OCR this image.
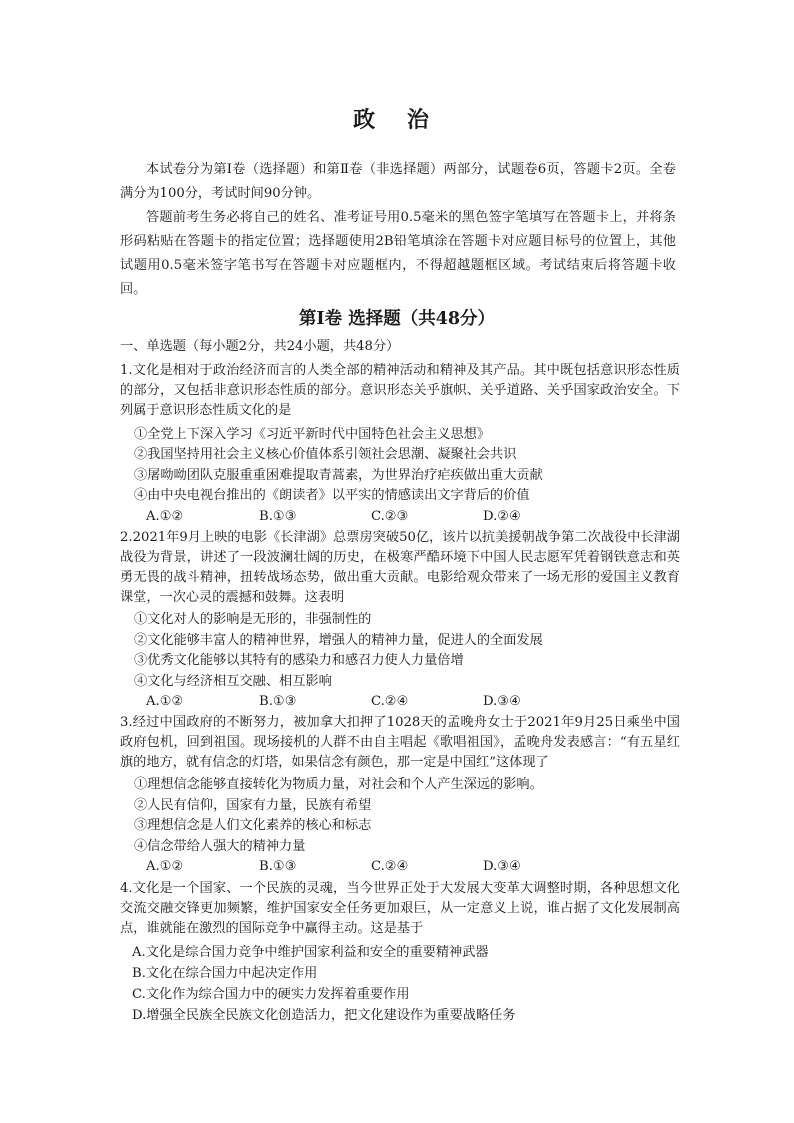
政 治
本试卷分为第Ⅰ卷（选择题）和第Ⅱ卷（非选择题）两部分，试题卷6页，答题卡2页。全卷满分为100分，考试时间90分钟。
答题前考生务必将自己的姓名、准考证号用0.5毫米的黑色签字笔填写在答题卡上，并将条形码粘贴在答题卡的指定位置；选择题使用2B铅笔填涂在答题卡对应题目标号的位置上，其他试题用0.5毫米签字笔书写在答题卡对应题框内，不得超越题框区域。考试结束后将答题卡收回。
第Ⅰ卷 选择题（共48分）
一、单选题（每小题2分，共24小题，共48分）
1.文化是相对于政治经济而言的人类全部的精神活动和精神及其产品。其中既包括意识形态性质的部分，又包括非意识形态性质的部分。意识形态关乎旗帜、关乎道路、关乎国家政治安全。下列属于意识形态性质文化的是
①全党上下深入学习《习近平新时代中国特色社会主义思想》
②我国坚持用社会主义核心价值体系引领社会思潮、凝聚社会共识
③屠呦呦团队克服重重困难提取青蒿素，为世界治疗疟疾做出重大贡献
④由中央电视台推出的《朗读者》以平实的情感读出文字背后的价值
A.①②	B.①③	C.②③	D.②④
2.2021年9月上映的电影《长津湖》总票房突破50亿，该片以抗美援朝战争第二次战役中长津湖战役为背景，讲述了一段波澜壮阔的历史，在极寒严酷环境下中国人民志愿军凭着钢铁意志和英勇无畏的战斗精神，扭转战场态势，做出重大贡献。电影给观众带来了一场无形的爱国主义教育课堂，一次心灵的震撼和鼓舞。这表明
①文化对人的影响是无形的，非强制性的
②文化能够丰富人的精神世界，增强人的精神力量，促进人的全面发展
③优秀文化能够以其特有的感染力和感召力使人力量倍增
④文化与经济相互交融、相互影响
A.①②	B.①③	C.②④	D.③④
3.经过中国政府的不断努力，被加拿大扣押了1028天的孟晚舟女士于2021年9月25日乘坐中国政府包机，回到祖国。现场接机的人群不由自主唱起《歌唱祖国》，孟晚舟发表感言：“有五星红旗的地方，就有信念的灯塔，如果信念有颜色，那一定是中国红”这体现了
①理想信念能够直接转化为物质力量，对社会和个人产生深远的影响。
②人民有信仰，国家有力量，民族有希望
③理想信念是人们文化素养的核心和标志
④信念带给人强大的精神力量
A.①②	B.①③	C.②④	D.③④
4.文化是一个国家、一个民族的灵魂，当今世界正处于大发展大变革大调整时期，各种思想文化交流交融交锋更加频繁，维护国家安全任务更加艰巨，从一定意义上说，谁占据了文化发展制高点，谁就能在激烈的国际竞争中赢得主动。这是基于
A.文化是综合国力竞争中维护国家利益和安全的重要精神武器
B.文化在综合国力中起决定作用
C.文化作为综合国力中的硬实力发挥着重要作用
D.增强全民族全民族文化创造活力，把文化建设作为重要战略任务
